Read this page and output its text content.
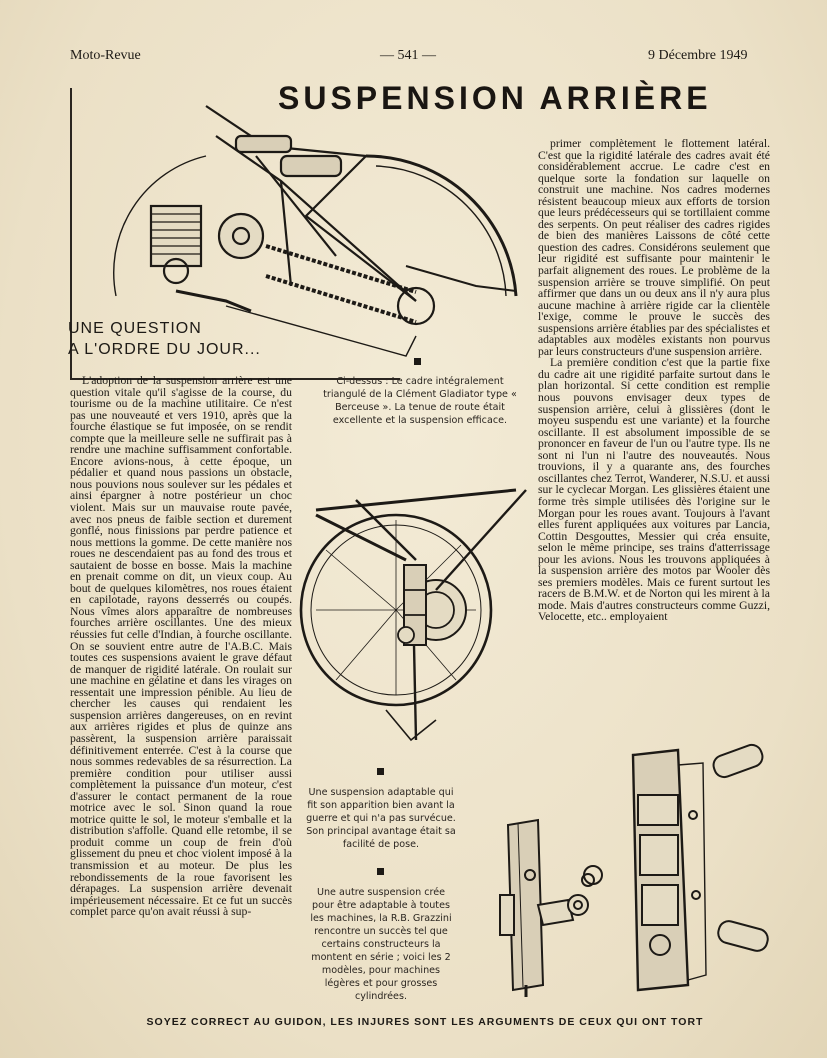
Moto-Revue	— 541 —	9 Décembre 1949
SUSPENSION ARRIÈRE
UNE QUESTION
A L'ORDRE DU JOUR...

L'adoption de la suspension arrière est une question vitale qu'il s'agisse de la course, du tourisme ou de la machine utilitaire. Ce n'est pas une nouveauté et vers 1910, après que la fourche élastique se fut imposée, on se rendit compte que la meilleure selle ne suffirait pas à rendre une machine suffisamment confortable. Encore avions-nous, à cette époque, un pédalier et quand nous passions un obstacle, nous pouvions nous soulever sur les pédales et ainsi épargner à notre postérieur un choc violent. Mais sur un mauvaise route pavée, avec nos pneus de faible section et durement gonflé, nous finissions par perdre patience et nous mettions la gomme. De cette manière nos roues ne descendaient pas au fond des trous et sautaient de bosse en bosse. Mais la machine en prenait comme on dit, un vieux coup. Au bout de quelques kilomètres, nos roues étaient en capilotade, rayons desserrés ou coupés. Nous vîmes alors apparaître de nombreuses fourches arrière oscillantes. Une des mieux réussies fut celle d'Indian, à fourche oscillante. On se souvient entre autre de l'A.B.C. Mais toutes ces suspensions avaient le grave défaut de manquer de rigidité latérale. On roulait sur une machine en gélatine et dans les virages on ressentait une impression pénible. Au lieu de chercher les causes qui rendaient les suspension arrières dangereuses, on en revint aux arrières rigides et plus de quinze ans passèrent, la suspension arrière paraissait définitivement enterrée. C'est à la course que nous sommes redevables de sa résurrection. La première condition pour utiliser aussi complètement la puissance d'un moteur, c'est d'assurer le contact permanent de la roue motrice avec le sol. Sinon quand la roue motrice quitte le sol, le moteur s'emballe et la distribution s'affolle. Quand elle retombe, il se produit comme un coup de frein d'où glissement du pneu et choc violent imposé à la transmission et au moteur. De plus les rebondissements de la roue favorisent les dérapages. La suspension arrière devenait impérieusement nécessaire. Et ce fut un succès complet parce qu'on avait réussi à sup-

Ci-dessus : Le cadre intégralement triangulé de la Clément Gladiator type « Berceuse ». La tenue de route était excellente et la suspension efficace.
Une suspension adaptable qui fit son apparition bien avant la guerre et qui n'a pas survécue. Son principal avantage était sa facilité de pose.
Une autre suspension crée pour être adaptable à toutes les machines, la R.B. Grazzini rencontre un succès tel que certains constructeurs la montent en série ; voici les 2 modèles, pour machines légères et pour grosses cylindrées.

primer complètement le flottement latéral. C'est que la rigidité latérale des cadres avait été considérablement accrue. Le cadre c'est en quelque sorte la fondation sur laquelle on construit une machine. Nos cadres modernes résistent beaucoup mieux aux efforts de torsion que leurs prédécesseurs qui se tortillaient comme des serpents. On peut réaliser des cadres rigides de bien des manières Laissons de côté cette question des cadres. Considérons seulement que leur rigidité est suffisante pour maintenir le parfait alignement des roues. Le problème de la suspension arrière se trouve simplifié. On peut affirmer que dans un ou deux ans il n'y aura plus aucune machine à arrière rigide car la clientèle l'exige, comme le prouve le succès des suspensions arrière établies par des spécialistes et adaptables aux modèles existants non pourvus par leurs constructeurs d'une suspension arrière.

La première condition c'est que la partie fixe du cadre ait une rigidité parfaite surtout dans le plan horizontal. Si cette condition est remplie nous pouvons envisager deux types de suspension arrière, celui à glissières (dont le moyeu suspendu est une variante) et la fourche oscillante. Il est absolument impossible de se prononcer en faveur de l'un ou l'autre type. Ils ne sont ni l'un ni l'autre des nouveautés. Nous trouvions, il y a quarante ans, des fourches oscillantes chez Terrot, Wanderer, N.S.U. et aussi sur le cyclecar Morgan. Les glissières étaient une forme très simple utilisées dès l'origine sur le Morgan pour les roues avant. Toujours à l'avant elles furent appliquées aux voitures par Lancia, Cottin Desgouttes, Messier qui créa ensuite, selon le même principe, ses trains d'atterrissage pour les avions. Nous les trouvons appliquées à la suspension arrière des motos par Wooler dès ses premiers modèles. Mais ce furent surtout les racers de B.M.W. et de Norton qui les mirent à la mode. Mais d'autres constructeurs comme Guzzi, Velocette, etc.. employaient

SOYEZ CORRECT AU GUIDON, LES INJURES SONT LES ARGUMENTS DE CEUX QUI ONT TORT
